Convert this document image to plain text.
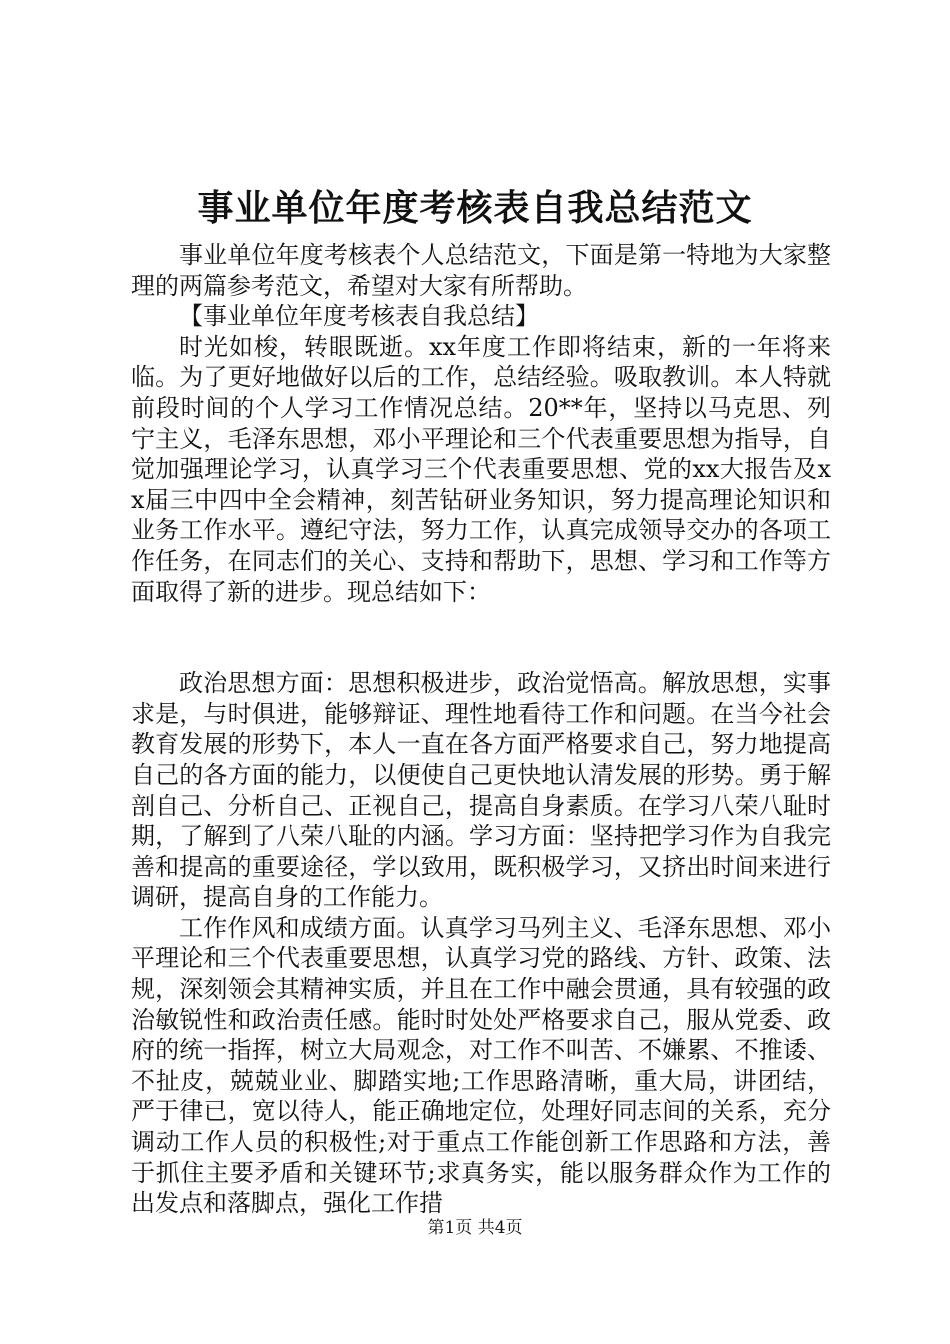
事业单位年度考核表自我总结范文

事业单位年度考核表个人总结范文，下面是第一特地为大家整理的两篇参考范文，希望对大家有所帮助。

【事业单位年度考核表自我总结】

时光如梭，转眼既逝。xx年度工作即将结束，新的一年将来临。为了更好地做好以后的工作，总结经验。吸取教训。本人特就前段时间的个人学习工作情况总结。20**年，坚持以马克思、列宁主义，毛泽东思想，邓小平理论和三个代表重要思想为指导，自觉加强理论学习，认真学习三个代表重要思想、党的xx大报告及xx届三中四中全会精神，刻苦钻研业务知识，努力提高理论知识和业务工作水平。遵纪守法，努力工作，认真完成领导交办的各项工作任务，在同志们的关心、支持和帮助下，思想、学习和工作等方面取得了新的进步。现总结如下：

政治思想方面：思想积极进步，政治觉悟高。解放思想，实事求是，与时俱进，能够辩证、理性地看待工作和问题。在当今社会教育发展的形势下，本人一直在各方面严格要求自己，努力地提高自己的各方面的能力，以便使自己更快地认清发展的形势。勇于解剖自己、分析自己、正视自己，提高自身素质。在学习八荣八耻时期，了解到了八荣八耻的内涵。学习方面：坚持把学习作为自我完善和提高的重要途径，学以致用，既积极学习，又挤出时间来进行调研，提高自身的工作能力。

工作作风和成绩方面。认真学习马列主义、毛泽东思想、邓小平理论和三个代表重要思想，认真学习党的路线、方针、政策、法规，深刻领会其精神实质，并且在工作中融会贯通，具有较强的政治敏锐性和政治责任感。能时时处处严格要求自己，服从党委、政府的统一指挥，树立大局观念，对工作不叫苦、不嫌累、不推诿、不扯皮，兢兢业业、脚踏实地;工作思路清晰，重大局，讲团结，严于律已，宽以待人，能正确地定位，处理好同志间的关系，充分调动工作人员的积极性;对于重点工作能创新工作思路和方法，善于抓住主要矛盾和关键环节;求真务实，能以服务群众作为工作的出发点和落脚点，强化工作措

第1页 共4页
